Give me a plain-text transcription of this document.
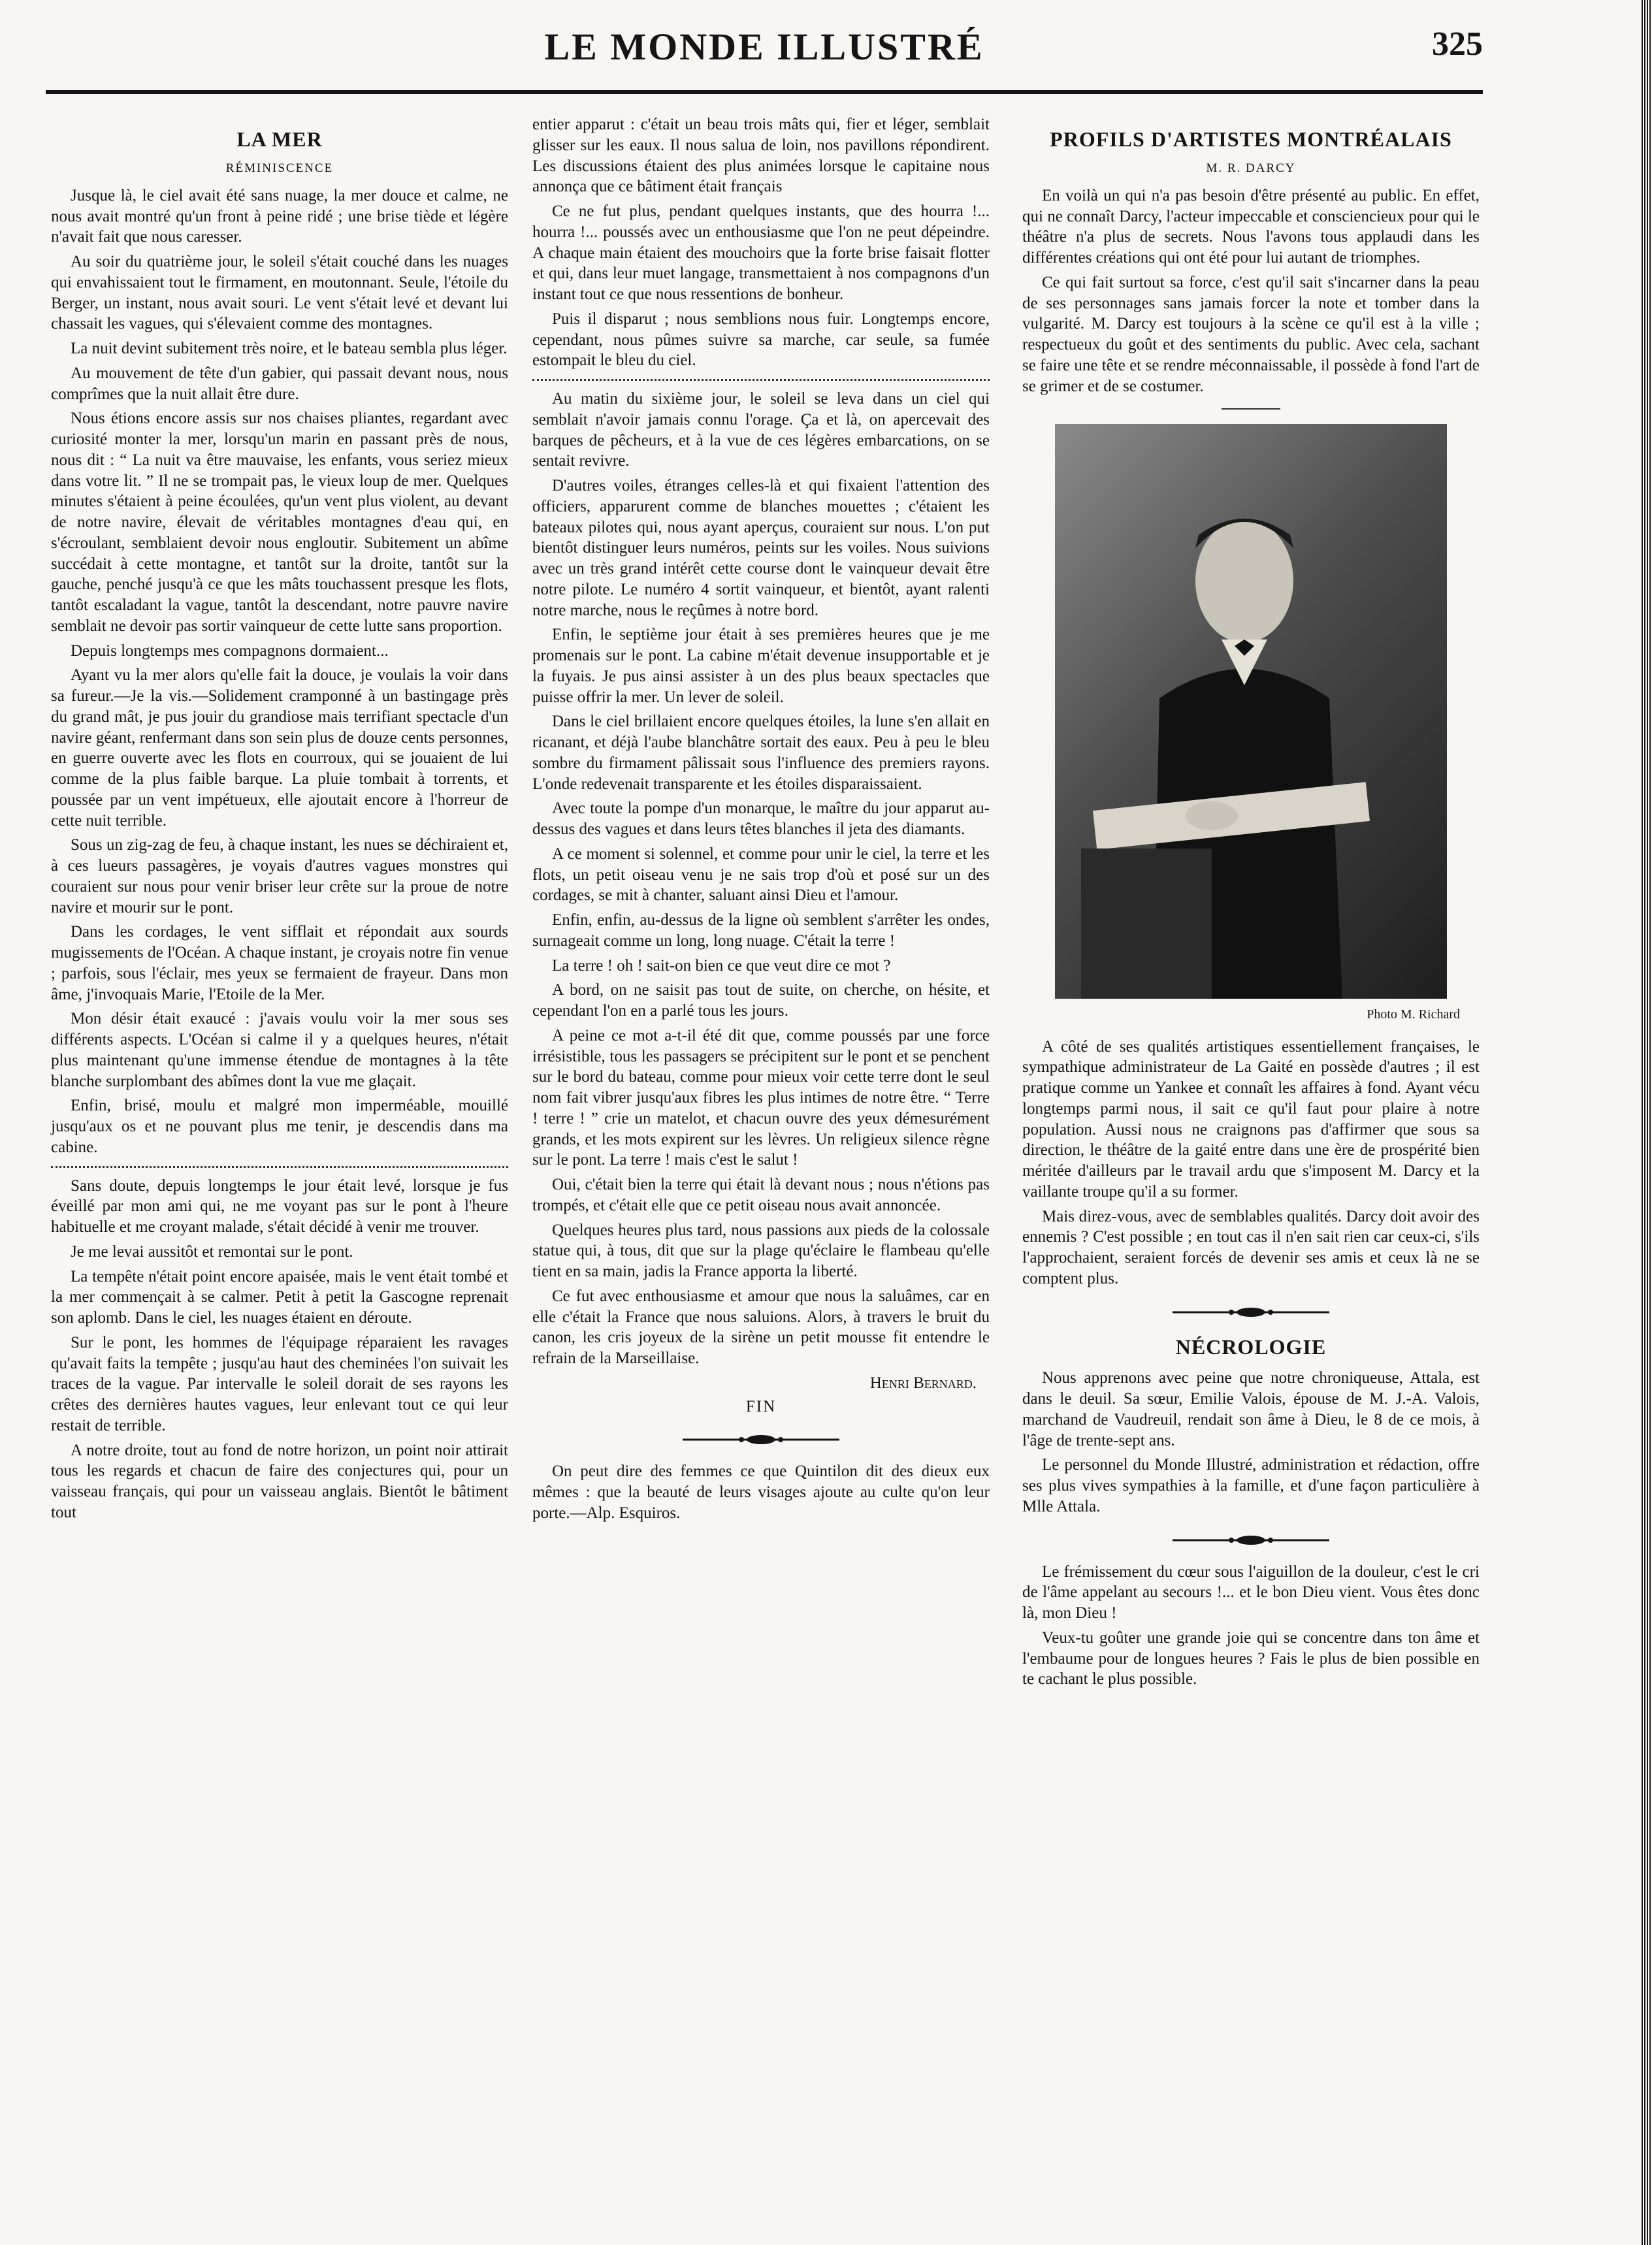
LE MONDE ILLUSTRÉ	325
LA MER
RÉMINISCENCE

Jusque là, le ciel avait été sans nuage, la mer douce et calme, ne nous avait montré qu'un front à peine ridé ; une brise tiède et légère n'avait fait que nous caresser.

Au soir du quatrième jour, le soleil s'était couché dans les nuages qui envahissaient tout le firmament, en moutonnant. Seule, l'étoile du Berger, un instant, nous avait souri. Le vent s'était levé et devant lui chassait les vagues, qui s'élevaient comme des montagnes.

La nuit devint subitement très noire, et le bateau sembla plus léger.

Au mouvement de tête d'un gabier, qui passait devant nous, nous comprîmes que la nuit allait être dure.

Nous étions encore assis sur nos chaises pliantes, regardant avec curiosité monter la mer, lorsqu'un marin en passant près de nous, nous dit : “ La nuit va être mauvaise, les enfants, vous seriez mieux dans votre lit. ” Il ne se trompait pas, le vieux loup de mer. Quelques minutes s'étaient à peine écoulées, qu'un vent plus violent, au devant de notre navire, élevait de véritables montagnes d'eau qui, en s'écroulant, semblaient devoir nous engloutir. Subitement un abîme succédait à cette montagne, et tantôt sur la droite, tantôt sur la gauche, penché jusqu'à ce que les mâts touchassent presque les flots, tantôt escaladant la vague, tantôt la descendant, notre pauvre navire semblait ne devoir pas sortir vainqueur de cette lutte sans proportion.

Depuis longtemps mes compagnons dormaient...

Ayant vu la mer alors qu'elle fait la douce, je voulais la voir dans sa fureur.—Je la vis.—Solidement cramponné à un bastingage près du grand mât, je pus jouir du grandiose mais terrifiant spectacle d'un navire géant, renfermant dans son sein plus de douze cents personnes, en guerre ouverte avec les flots en courroux, qui se jouaient de lui comme de la plus faible barque. La pluie tombait à torrents, et poussée par un vent impétueux, elle ajoutait encore à l'horreur de cette nuit terrible.

Sous un zig-zag de feu, à chaque instant, les nues se déchiraient et, à ces lueurs passagères, je voyais d'autres vagues monstres qui couraient sur nous pour venir briser leur crête sur la proue de notre navire et mourir sur le pont.

Dans les cordages, le vent sifflait et répondait aux sourds mugissements de l'Océan. A chaque instant, je croyais notre fin venue ; parfois, sous l'éclair, mes yeux se fermaient de frayeur. Dans mon âme, j'invoquais Marie, l'Etoile de la Mer.

Mon désir était exaucé : j'avais voulu voir la mer sous ses différents aspects. L'Océan si calme il y a quelques heures, n'était plus maintenant qu'une immense étendue de montagnes à la tête blanche surplombant des abîmes dont la vue me glaçait.

Enfin, brisé, moulu et malgré mon imperméable, mouillé jusqu'aux os et ne pouvant plus me tenir, je descendis dans ma cabine.

Sans doute, depuis longtemps le jour était levé, lorsque je fus éveillé par mon ami qui, ne me voyant pas sur le pont à l'heure habituelle et me croyant malade, s'était décidé à venir me trouver.

Je me levai aussitôt et remontai sur le pont.

La tempête n'était point encore apaisée, mais le vent était tombé et la mer commençait à se calmer. Petit à petit la Gascogne reprenait son aplomb. Dans le ciel, les nuages étaient en déroute.

Sur le pont, les hommes de l'équipage réparaient les ravages qu'avait faits la tempête ; jusqu'au haut des cheminées l'on suivait les traces de la vague. Par intervalle le soleil dorait de ses rayons les crêtes des dernières hautes vagues, leur enlevant tout ce qui leur restait de terrible.

A notre droite, tout au fond de notre horizon, un point noir attirait tous les regards et chacun de faire des conjectures qui, pour un vaisseau français, qui pour un vaisseau anglais. Bientôt le bâtiment tout

entier apparut : c'était un beau trois mâts qui, fier et léger, semblait glisser sur les eaux. Il nous salua de loin, nos pavillons répondirent. Les discussions étaient des plus animées lorsque le capitaine nous annonça que ce bâtiment était français

Ce ne fut plus, pendant quelques instants, que des hourra !... hourra !... poussés avec un enthousiasme que l'on ne peut dépeindre. A chaque main étaient des mouchoirs que la forte brise faisait flotter et qui, dans leur muet langage, transmettaient à nos compagnons d'un instant tout ce que nous ressentions de bonheur.

Puis il disparut ; nous semblions nous fuir. Longtemps encore, cependant, nous pûmes suivre sa marche, car seule, sa fumée estompait le bleu du ciel.

Au matin du sixième jour, le soleil se leva dans un ciel qui semblait n'avoir jamais connu l'orage. Ça et là, on apercevait des barques de pêcheurs, et à la vue de ces légères embarcations, on se sentait revivre.

D'autres voiles, étranges celles-là et qui fixaient l'attention des officiers, apparurent comme de blanches mouettes ; c'étaient les bateaux pilotes qui, nous ayant aperçus, couraient sur nous. L'on put bientôt distinguer leurs numéros, peints sur les voiles. Nous suivions avec un très grand intérêt cette course dont le vainqueur devait être notre pilote. Le numéro 4 sortit vainqueur, et bientôt, ayant ralenti notre marche, nous le reçûmes à notre bord.

Enfin, le septième jour était à ses premières heures que je me promenais sur le pont. La cabine m'était devenue insupportable et je la fuyais. Je pus ainsi assister à un des plus beaux spectacles que puisse offrir la mer. Un lever de soleil.

Dans le ciel brillaient encore quelques étoiles, la lune s'en allait en ricanant, et déjà l'aube blanchâtre sortait des eaux. Peu à peu le bleu sombre du firmament pâlissait sous l'influence des premiers rayons. L'onde redevenait transparente et les étoiles disparaissaient.

Avec toute la pompe d'un monarque, le maître du jour apparut au-dessus des vagues et dans leurs têtes blanches il jeta des diamants.

A ce moment si solennel, et comme pour unir le ciel, la terre et les flots, un petit oiseau venu je ne sais trop d'où et posé sur un des cordages, se mit à chanter, saluant ainsi Dieu et l'amour.

Enfin, enfin, au-dessus de la ligne où semblent s'arrêter les ondes, surnageait comme un long, long nuage. C'était la terre !

La terre ! oh ! sait-on bien ce que veut dire ce mot ?

A bord, on ne saisit pas tout de suite, on cherche, on hésite, et cependant l'on en a parlé tous les jours.

A peine ce mot a-t-il été dit que, comme poussés par une force irrésistible, tous les passagers se précipitent sur le pont et se penchent sur le bord du bateau, comme pour mieux voir cette terre dont le seul nom fait vibrer jusqu'aux fibres les plus intimes de notre être. “ Terre ! terre ! ” crie un matelot, et chacun ouvre des yeux démesurément grands, et les mots expirent sur les lèvres. Un religieux silence règne sur le pont. La terre ! mais c'est le salut !

Oui, c'était bien la terre qui était là devant nous ; nous n'étions pas trompés, et c'était elle que ce petit oiseau nous avait annoncée.

Quelques heures plus tard, nous passions aux pieds de la colossale statue qui, à tous, dit que sur la plage qu'éclaire le flambeau qu'elle tient en sa main, jadis la France apporta la liberté.

Ce fut avec enthousiasme et amour que nous la saluâmes, car en elle c'était la France que nous saluions. Alors, à travers le bruit du canon, les cris joyeux de la sirène un petit mousse fit entendre le refrain de la Marseillaise.

Henri Bernard.
FIN

On peut dire des femmes ce que Quintilon dit des dieux eux mêmes : que la beauté de leurs visages ajoute au culte qu'on leur porte.—Alp. Esquiros.

PROFILS D'ARTISTES MONTRÉALAIS
M. R. DARCY

En voilà un qui n'a pas besoin d'être présenté au public. En effet, qui ne connaît Darcy, l'acteur impeccable et consciencieux pour qui le théâtre n'a plus de secrets. Nous l'avons tous applaudi dans les différentes créations qui ont été pour lui autant de triomphes.

Ce qui fait surtout sa force, c'est qu'il sait s'incarner dans la peau de ses personnages sans jamais forcer la note et tomber dans la vulgarité. M. Darcy est toujours à la scène ce qu'il est à la ville ; respectueux du goût et des sentiments du public. Avec cela, sachant se faire une tête et se rendre méconnaissable, il possède à fond l'art de se grimer et de se costumer.

Photo M. Richard

A côté de ses qualités artistiques essentiellement françaises, le sympathique administrateur de La Gaité en possède d'autres ; il est pratique comme un Yankee et connaît les affaires à fond. Ayant vécu longtemps parmi nous, il sait ce qu'il faut pour plaire à notre population. Aussi nous ne craignons pas d'affirmer que sous sa direction, le théâtre de la gaité entre dans une ère de prospérité bien méritée d'ailleurs par le travail ardu que s'imposent M. Darcy et la vaillante troupe qu'il a su former.

Mais direz-vous, avec de semblables qualités. Darcy doit avoir des ennemis ? C'est possible ; en tout cas il n'en sait rien car ceux-ci, s'ils l'approchaient, seraient forcés de devenir ses amis et ceux là ne se comptent plus.

NÉCROLOGIE

Nous apprenons avec peine que notre chroniqueuse, Attala, est dans le deuil. Sa sœur, Emilie Valois, épouse de M. J.-A. Valois, marchand de Vaudreuil, rendait son âme à Dieu, le 8 de ce mois, à l'âge de trente-sept ans.

Le personnel du Monde Illustré, administration et rédaction, offre ses plus vives sympathies à la famille, et d'une façon particulière à Mlle Attala.

Le frémissement du cœur sous l'aiguillon de la douleur, c'est le cri de l'âme appelant au secours !... et le bon Dieu vient. Vous êtes donc là, mon Dieu !

Veux-tu goûter une grande joie qui se concentre dans ton âme et l'embaume pour de longues heures ? Fais le plus de bien possible en te cachant le plus possible.
